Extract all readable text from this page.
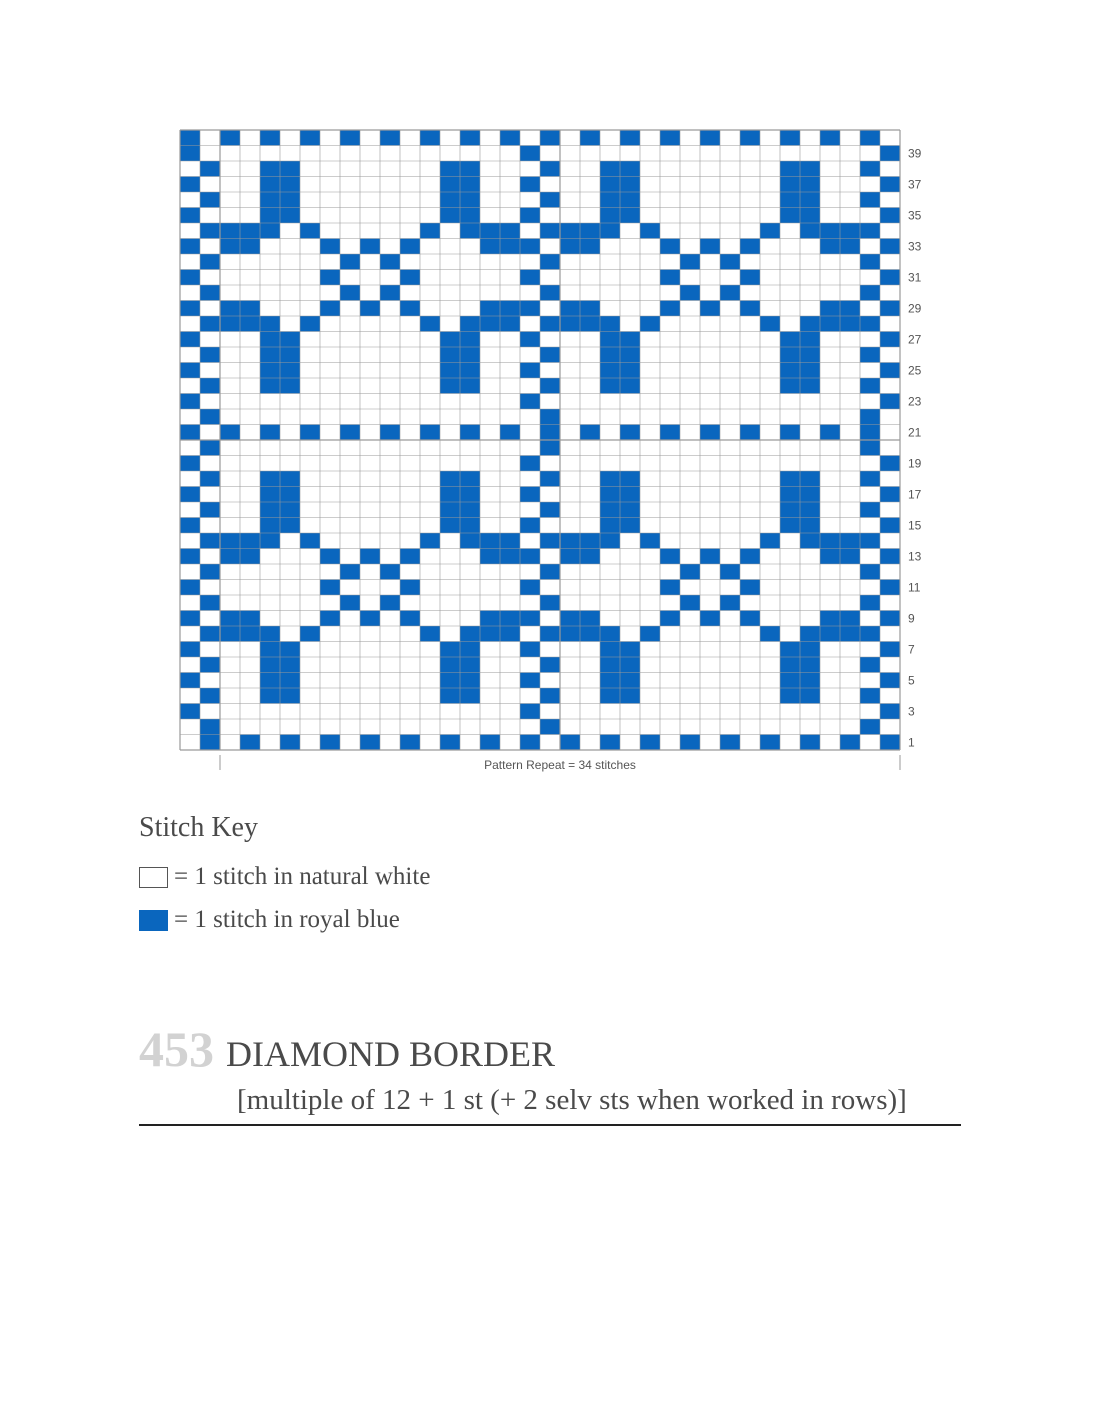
1
3
5
7
9
11
13
15
17
19
21
23
25
27
29
31
33
35
37
39
Pattern Repeat = 34 stitches
Stitch Key
= 1 stitch in natural white
= 1 stitch in royal blue
453 DIAMOND BORDER
[multiple of 12 + 1 st (+ 2 selv sts when worked in rows)]
